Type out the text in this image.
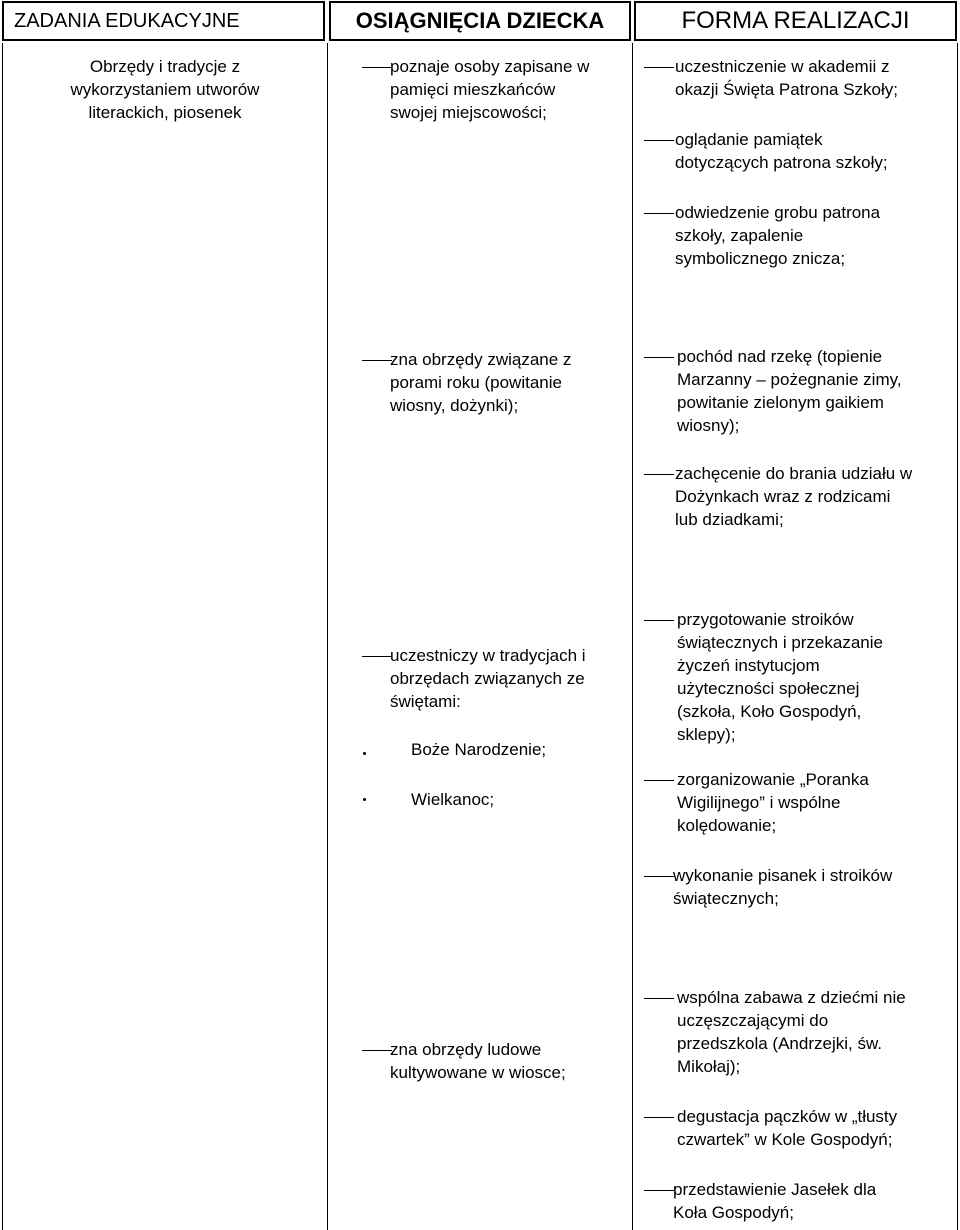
ZADANIA EDUKACYJNE	OSIĄGNIĘCIA DZIECKA	FORMA REALIZACJI
Obrzędy i tradycje z
wykorzystaniem utworów
literackich, piosenek
poznaje osoby zapisane w
pamięci mieszkańców
swojej miejscowości;
zna obrzędy związane z
porami roku (powitanie
wiosny, dożynki);
uczestniczy w tradycjach i
obrzędach związanych ze
świętami:
Boże Narodzenie;
Wielkanoc;
zna obrzędy ludowe
kultywowane w wiosce;
uczestniczenie w akademii z
okazji Święta Patrona Szkoły;
oglądanie pamiątek
dotyczących patrona szkoły;
odwiedzenie grobu patrona
szkoły, zapalenie
symbolicznego znicza;
pochód nad rzekę (topienie
Marzanny – pożegnanie zimy,
powitanie zielonym gaikiem
wiosny);
zachęcenie do brania udziału w
Dożynkach wraz z rodzicami
lub dziadkami;
przygotowanie stroików
świątecznych i przekazanie
życzeń instytucjom
użyteczności społecznej
(szkoła, Koło Gospodyń,
sklepy);
zorganizowanie „Poranka
Wigilijnego” i wspólne
kolędowanie;
wykonanie pisanek i stroików
świątecznych;
wspólna zabawa z dziećmi nie
uczęszczającymi do
przedszkola (Andrzejki, św.
Mikołaj);
degustacja pączków w „tłusty
czwartek” w Kole Gospodyń;
przedstawienie Jasełek dla
Koła Gospodyń;
